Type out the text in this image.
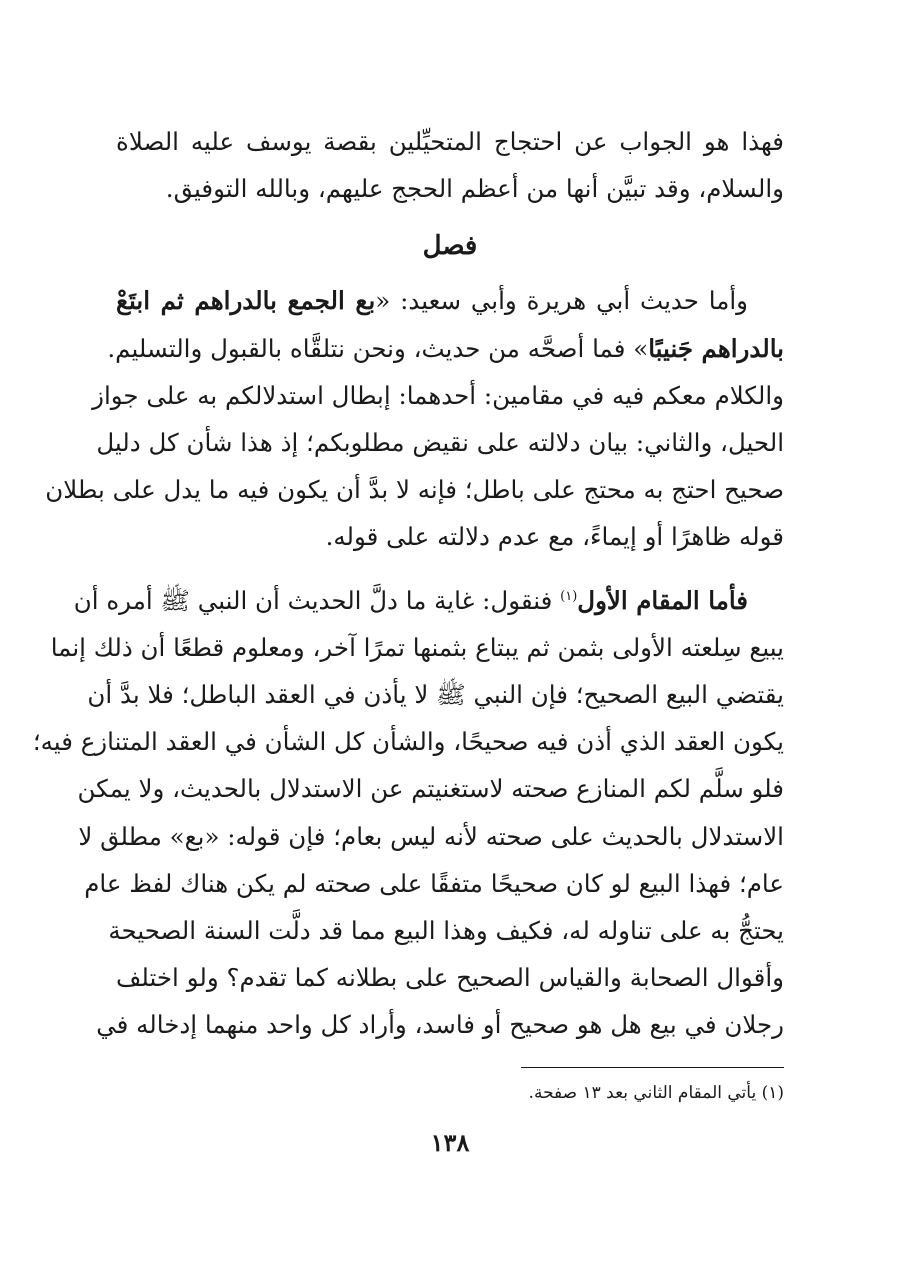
فهذا هو الجواب عن احتجاج المتحيِّلين بقصة يوسف عليه الصلاة
والسلام، وقد تبيَّن أنها من أعظم الحجج عليهم، وبالله التوفيق.
فصل
وأما حديث أبي هريرة وأبي سعيد: «بع الجمع بالدراهم ثم ابتَعْ
بالدراهم جَنيبًا» فما أصحَّه من حديث، ونحن نتلقَّاه بالقبول والتسليم.
والكلام معكم فيه في مقامين: أحدهما: إبطال استدلالكم به على جواز
الحيل، والثاني: بيان دلالته على نقيض مطلوبكم؛ إذ هذا شأن كل دليل
صحيح احتج به محتج على باطل؛ فإنه لا بدَّ أن يكون فيه ما يدل على بطلان
قوله ظاهرًا أو إيماءً، مع عدم دلالته على قوله.
فأما المقام الأول$^{(١)}$ فنقول: غاية ما دلَّ الحديث أن النبي ﷺ أمره أن
يبيع سِلعته الأولى بثمن ثم يبتاع بثمنها تمرًا آخر، ومعلوم قطعًا أن ذلك إنما
يقتضي البيع الصحيح؛ فإن النبي ﷺ لا يأذن في العقد الباطل؛ فلا بدَّ أن
يكون العقد الذي أذن فيه صحيحًا، والشأن كل الشأن في العقد المتنازع فيه؛
فلو سلَّم لكم المنازع صحته لاستغنيتم عن الاستدلال بالحديث، ولا يمكن
الاستدلال بالحديث على صحته لأنه ليس بعام؛ فإن قوله: «بع» مطلق لا
عام؛ فهذا البيع لو كان صحيحًا متفقًا على صحته لم يكن هناك لفظ عام
يحتجُّ به على تناوله له، فكيف وهذا البيع مما قد دلَّت السنة الصحيحة
وأقوال الصحابة والقياس الصحيح على بطلانه كما تقدم؟ ولو اختلف
رجلان في بيع هل هو صحيح أو فاسد، وأراد كل واحد منهما إدخاله في
(١) يأتي المقام الثاني بعد ١٣ صفحة.
١٣٨
